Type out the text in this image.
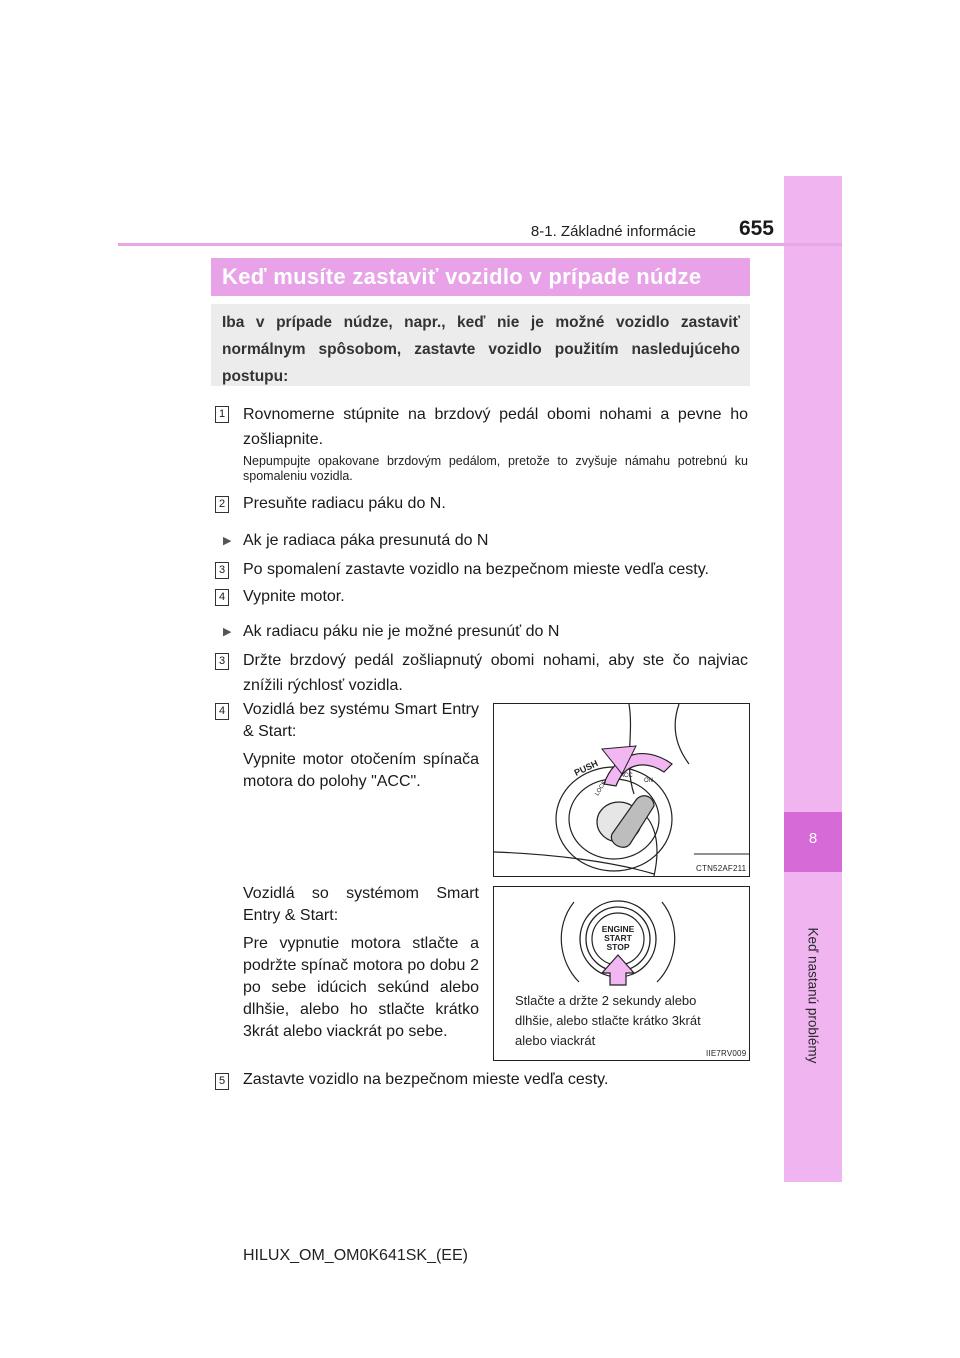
8
Keď nastanú problémy
8-1. Základné informácie	655
Keď musíte zastaviť vozidlo v prípade núdze
Iba v prípade núdze, napr., keď nie je možné vozidlo zastaviť normálnym spôsobom, zastavte vozidlo použitím nasledujúceho postupu:
1 Rovnomerne stúpnite na brzdový pedál obomi nohami a pevne ho zošliapnite.
Nepumpujte opakovane brzdovým pedálom, pretože to zvyšuje námahu potrebnú ku spomaleniu vozidla.
2 Presuňte radiacu páku do N.
▶ Ak je radiaca páka presunutá do N
3 Po spomalení zastavte vozidlo na bezpečnom mieste vedľa cesty.
4 Vypnite motor.
▶ Ak radiacu páku nie je možné presunúť do N
3 Držte brzdový pedál zošliapnutý obomi nohami, aby ste čo najviac znížili rýchlosť vozidla.
4 Vozidlá bez systému Smart Entry & Start:

Vypnite motor otočením spínača motora do polohy "ACC".

Vozidlá so systémom Smart Entry & Start:

Pre vypnutie motora stlačte a podržte spínač motora po dobu 2 po sebe idúcich sekúnd alebo dlhšie, alebo ho stlačte krátko 3krát alebo viackrát po sebe.

5 Zastavte vozidlo na bezpečnom mieste vedľa cesty.
PUSH	ACC
ON
LOCK
CTN52AF211
ENGINE
START
STOP
Stlačte a držte 2 sekundy alebo dlhšie, alebo stlačte krátko 3krát alebo viackrát
IIE7RV009
HILUX_OM_OM0K641SK_(EE)
